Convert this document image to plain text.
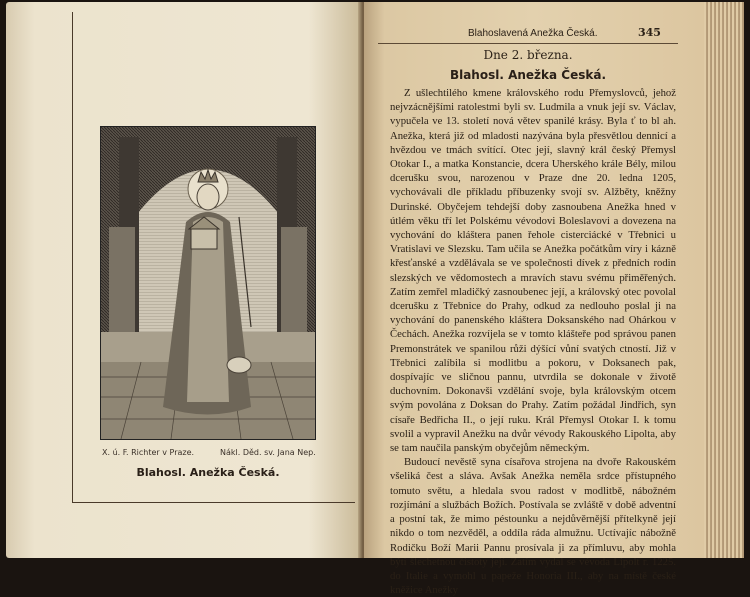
X. ú. F. Richter v Praze.	Nákl. Děd. sv. Jana Nep.
Blahosl. Anežka Česká.
Blahoslavená Anežka Česká.	345
Dne 2. března.
Blahosl. Anežka Česká.

Z ušlechtilého kmene královského rodu Přemyslovců, jehož nejvzácnějšími ratolestmi byli sv. Ludmila a vnuk její sv. Václav, vypučela ve 13. století nová větev spanilé krásy. Byla ť to bl ah. Anežka, která již od mladosti nazývána byla přesvětlou dennicí a hvězdou ve tmách svítící. Otec její, slavný král český Přemysl Otokar I., a matka Konstancie, dcera Uherského krále Bély, milou dcerušku svou, narozenou v Praze dne 20. ledna 1205, vychovávali dle příkladu příbuzenky svojí sv. Alžběty, kněžny Durinské. Obyčejem tehdejší doby zasnoubena Anežka hned v útlém věku tří let Polskému vévodovi Boleslavovi a dovezena na vychování do kláštera panen řehole cisterciácké v Třebnici u Vratislavi ve Slezsku. Tam učila se Anežka počátkům víry i kázně křesťanské a vzdělávala se ve společnosti dívek z předních rodin slezských ve vědomostech a mravích stavu svému přiměřených. Zatím zemřel mladičký zasnoubenec její, a královský otec povolal dcerušku z Třebnice do Prahy, odkud za nedlouho poslal ji na vychování do panenského kláštera Doksanského nad Ohárkou v Čechách. Anežka rozvíjela se v tomto klášteře pod správou panen Premonstrátek ve spanilou růži dýšící vůní svatých ctností. Již v Třebnici zalíbila si modlitbu a pokoru, v Doksanech pak, dospívajíc ve sličnou pannu, utvrdila se dokonale v životě duchovním. Dokonavši vzdělání svoje, byla královským otcem svým povolána z Doksan do Prahy. Zatím požádal Jindřich, syn císaře Bedřicha II., o její ruku. Král Přemysl Otokar I. k tomu svolil a vypravil Anežku na dvůr vévody Rakouského Lipolta, aby se tam naučila panským obyčejům německým.

Budoucí nevěstě syna císařova strojena na dvoře Rakouském všeliká čest a sláva. Avšak Anežka neměla srdce přístupného tomuto světu, a hledala svou radost v modlitbě, nábožném rozjímání a službách Božích. Postívala se zvláště v době adventní a postní tak, že mimo péstounku a nejdůvěrnější přítelkyně její nikdo o tom nezvěděl, a oddíla ráda almužnu. Uctívajíc nábožně Rodičku Boží Marii Pannu prosívala ji za přímluvu, aby mohla býti šlechetnou čistoty její. Zatím vydal se vévoda Lipolt r. 1225. do Italie a vymohl u papeže Honoria III., aby na místě české kněžice Anežky
